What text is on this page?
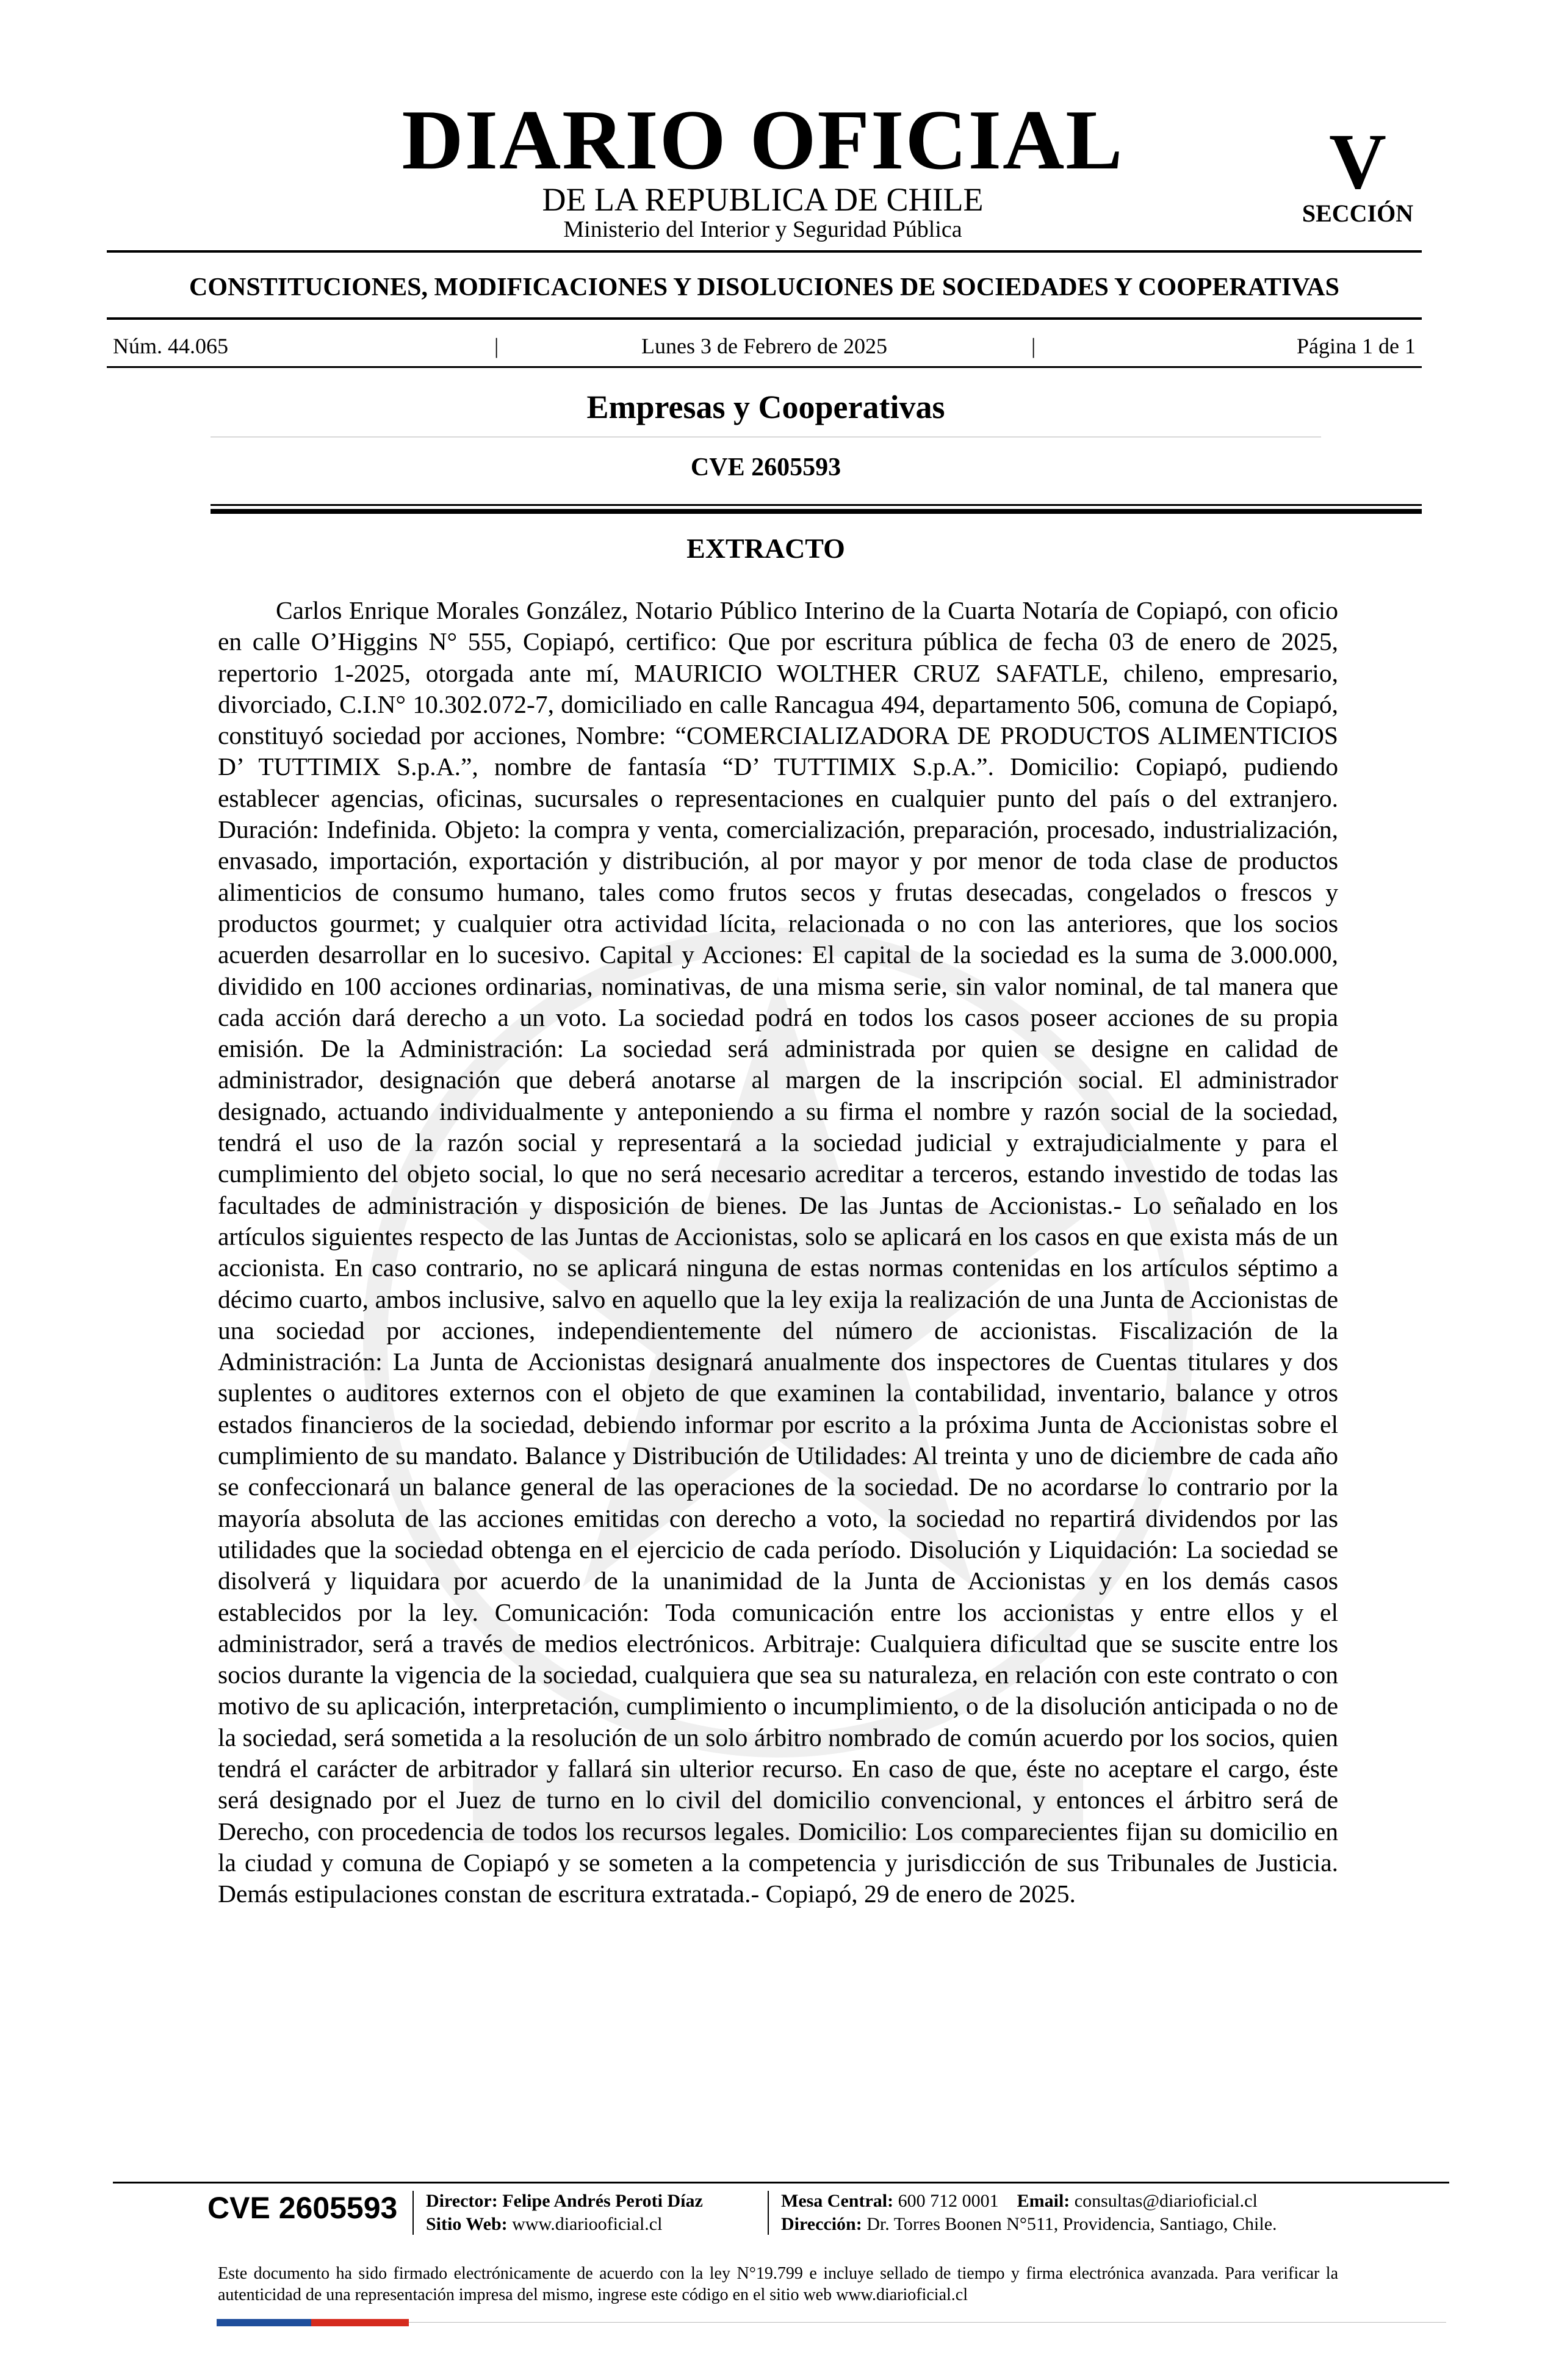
DIARIO OFICIAL
DE LA REPUBLICA DE CHILE
Ministerio del Interior y Seguridad Pública
V
SECCIÓN
CONSTITUCIONES, MODIFICACIONES Y DISOLUCIONES DE SOCIEDADES Y COOPERATIVAS
Núm. 44.065	|	Lunes 3 de Febrero de 2025	|	Página 1 de 1
Empresas y Cooperativas
CVE 2605593
EXTRACTO
Carlos Enrique Morales González, Notario Público Interino de la Cuarta Notaría de Copiapó, con oficio en calle O’Higgins N° 555, Copiapó, certifico: Que por escritura pública de fecha 03 de enero de 2025, repertorio 1-2025, otorgada ante mí, MAURICIO WOLTHER CRUZ SAFATLE, chileno, empresario, divorciado, C.I.N° 10.302.072-7, domiciliado en calle Rancagua 494, departamento 506, comuna de Copiapó, constituyó sociedad por acciones, Nombre: “COMERCIALIZADORA DE PRODUCTOS ALIMENTICIOS D’ TUTTIMIX S.p.A.”, nombre de fantasía “D’ TUTTIMIX S.p.A.”. Domicilio: Copiapó, pudiendo establecer agencias, oficinas, sucursales o representaciones en cualquier punto del país o del extranjero. Duración: Indefinida. Objeto: la compra y venta, comercialización, preparación, procesado, industrialización, envasado, importación, exportación y distribución, al por mayor y por menor de toda clase de productos alimenticios de consumo humano, tales como frutos secos y frutas desecadas, congelados o frescos y productos gourmet; y cualquier otra actividad lícita, relacionada o no con las anteriores, que los socios acuerden desarrollar en lo sucesivo. Capital y Acciones: El capital de la sociedad es la suma de 3.000.000, dividido en 100 acciones ordinarias, nominativas, de una misma serie, sin valor nominal, de tal manera que cada acción dará derecho a un voto. La sociedad podrá en todos los casos poseer acciones de su propia emisión. De la Administración: La sociedad será administrada por quien se designe en calidad de administrador, designación que deberá anotarse al margen de la inscripción social. El administrador designado, actuando individualmente y anteponiendo a su firma el nombre y razón social de la sociedad, tendrá el uso de la razón social y representará a la sociedad judicial y extrajudicialmente y para el cumplimiento del objeto social, lo que no será necesario acreditar a terceros, estando investido de todas las facultades de administración y disposición de bienes. De las Juntas de Accionistas.- Lo señalado en los artículos siguientes respecto de las Juntas de Accionistas, solo se aplicará en los casos en que exista más de un accionista. En caso contrario, no se aplicará ninguna de estas normas contenidas en los artículos séptimo a décimo cuarto, ambos inclusive, salvo en aquello que la ley exija la realización de una Junta de Accionistas de una sociedad por acciones, independientemente del número de accionistas. Fiscalización de la Administración: La Junta de Accionistas designará anualmente dos inspectores de Cuentas titulares y dos suplentes o auditores externos con el objeto de que examinen la contabilidad, inventario, balance y otros estados financieros de la sociedad, debiendo informar por escrito a la próxima Junta de Accionistas sobre el cumplimiento de su mandato. Balance y Distribución de Utilidades: Al treinta y uno de diciembre de cada año se confeccionará un balance general de las operaciones de la sociedad. De no acordarse lo contrario por la mayoría absoluta de las acciones emitidas con derecho a voto, la sociedad no repartirá dividendos por las utilidades que la sociedad obtenga en el ejercicio de cada período. Disolución y Liquidación: La sociedad se disolverá y liquidara por acuerdo de la unanimidad de la Junta de Accionistas y en los demás casos establecidos por la ley. Comunicación: Toda comunicación entre los accionistas y entre ellos y el administrador, será a través de medios electrónicos. Arbitraje: Cualquiera dificultad que se suscite entre los socios durante la vigencia de la sociedad, cualquiera que sea su naturaleza, en relación con este contrato o con motivo de su aplicación, interpretación, cumplimiento o incumplimiento, o de la disolución anticipada o no de la sociedad, será sometida a la resolución de un solo árbitro nombrado de común acuerdo por los socios, quien tendrá el carácter de arbitrador y fallará sin ulterior recurso. En caso de que, éste no aceptare el cargo, éste será designado por el Juez de turno en lo civil del domicilio convencional, y entonces el árbitro será de Derecho, con procedencia de todos los recursos legales. Domicilio: Los comparecientes fijan su domicilio en la ciudad y comuna de Copiapó y se someten a la competencia y jurisdicción de sus Tribunales de Justicia. Demás estipulaciones constan de escritura extratada.- Copiapó, 29 de enero de 2025.
CVE 2605593	Director: Felipe Andrés Peroti Díaz
Sitio Web: www.diariooficial.cl
Mesa Central: 600 712 0001 Email: consultas@diarioficial.cl
Dirección: Dr. Torres Boonen N°511, Providencia, Santiago, Chile.
Este documento ha sido firmado electrónicamente de acuerdo con la ley N°19.799 e incluye sellado de tiempo y firma electrónica avanzada. Para verificar la autenticidad de una representación impresa del mismo, ingrese este código en el sitio web www.diarioficial.cl
